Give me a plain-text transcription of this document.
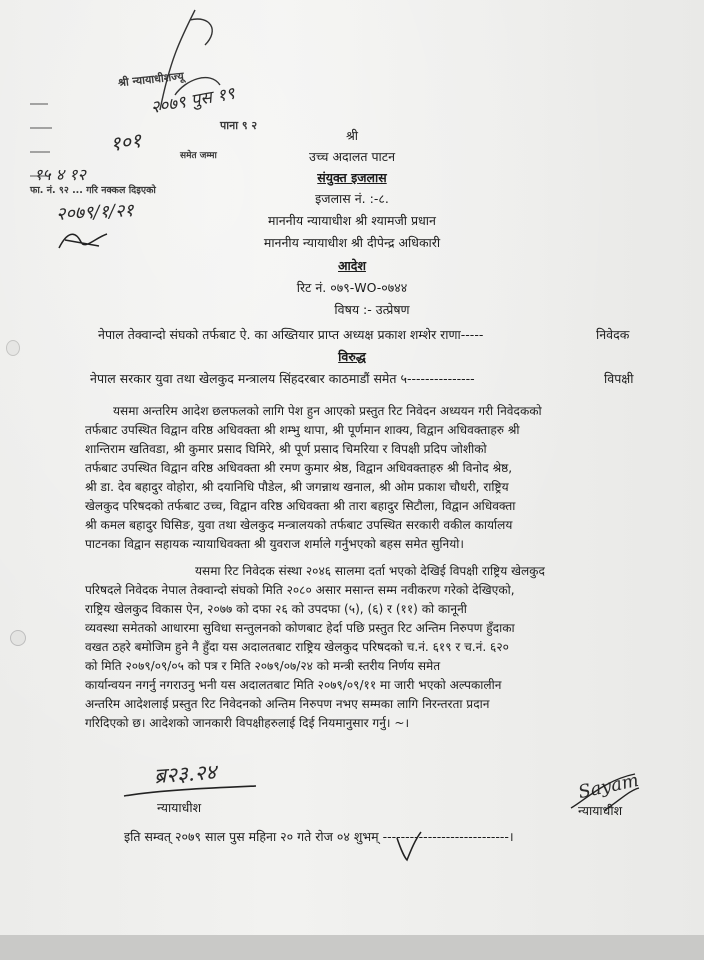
श्री न्यायाधीशज्यू
२०७९ पुस १९
पाना ९ २
१०१	समेत जम्मा
१५ ४ १२
फा. नं. ९२ ... गरि नक्कल दिइएको
२०७९/१/२१
श्री
उच्च अदालत पाटन
संयुक्त इजलास
इजलास नं. :-८.
माननीय न्यायाधीश श्री श्यामजी प्रधान
माननीय न्यायाधीश श्री दीपेन्द्र अधिकारी
आदेश
रिट नं. ०७९-WO-०७४४
विषय :- उत्प्रेषण
नेपाल तेक्वान्दो संघको तर्फबाट ऐ. का अख्तियार प्राप्त अध्यक्ष प्रकाश शम्शेर राणा-----	निवेदक
विरुद्ध
नेपाल सरकार युवा तथा खेलकुद मन्त्रालय सिंहदरबार काठमाडौं समेत ५---------------	विपक्षी
यसमा अन्तरिम आदेश छलफलको लागि पेश हुन आएको प्रस्तुत रिट निवेदन अध्ययन गरी निवेदकको
तर्फबाट उपस्थित विद्वान वरिष्ठ अधिवक्ता श्री शम्भु थापा, श्री पूर्णमान शाक्य, विद्वान अधिवक्ताहरु श्री
शान्तिराम खतिवडा, श्री कुमार प्रसाद घिमिरे, श्री पूर्ण प्रसाद चिमरिया र विपक्षी प्रदिप जोशीको
तर्फबाट उपस्थित विद्वान वरिष्ठ अधिवक्ता श्री रमण कुमार श्रेष्ठ, विद्वान अधिवक्ताहरु श्री विनोद श्रेष्ठ,
श्री डा. देव बहादुर वोहोरा, श्री दयानिधि पौडेल, श्री जगन्नाथ खनाल, श्री ओम प्रकाश चौधरी, राष्ट्रिय
खेलकुद परिषदको तर्फबाट उच्च, विद्वान वरिष्ठ अधिवक्ता श्री तारा बहादुर सिटौला, विद्वान अधिवक्ता
श्री कमल बहादुर घिसिङ, युवा तथा खेलकुद मन्त्रालयको तर्फबाट उपस्थित सरकारी वकील कार्यालय
पाटनका विद्वान सहायक न्यायाधिवक्ता श्री युवराज शर्माले गर्नुभएको बहस समेत सुनियो।
यसमा रिट निवेदक संस्था २०४६ सालमा दर्ता भएको देखिई विपक्षी राष्ट्रिय खेलकुद
परिषदले निवेदक नेपाल तेक्वान्दो संघको मिति २०८० असार मसान्त सम्म नवीकरण गरेको देखिएको,
राष्ट्रिय खेलकुद विकास ऐन, २०७७ को दफा २६ को उपदफा (५), (६) र (११) को कानूनी
व्यवस्था समेतको आधारमा सुविधा सन्तुलनको कोणबाट हेर्दा पछि प्रस्तुत रिट अन्तिम निरुपण हुँदाका
वखत ठहरे बमोजिम हुने नै हुँदा यस अदालतबाट राष्ट्रिय खेलकुद परिषदको च.नं. ६१९ र च.नं. ६२०
को मिति २०७९/०९/०५ को पत्र र मिति २०७९/०७/२४ को मन्त्री स्तरीय निर्णय समेत
कार्यान्वयन नगर्नु नगराउनु भनी यस अदालतबाट मिति २०७९/०९/११ मा जारी भएको अल्पकालीन
अन्तरिम आदेशलाई प्रस्तुत रिट निवेदनको अन्तिम निरुपण नभए सम्मका लागि निरन्तरता प्रदान
गरिदिएको छ। आदेशको जानकारी विपक्षीहरुलाई दिई नियमानुसार गर्नु। ~।
ब्र२३.२४
न्यायाधीश
Sayam
न्यायाधीश
इति सम्वत् २०७९ साल पुस महिना २० गते रोज ०४ शुभम् ----------------------------।
